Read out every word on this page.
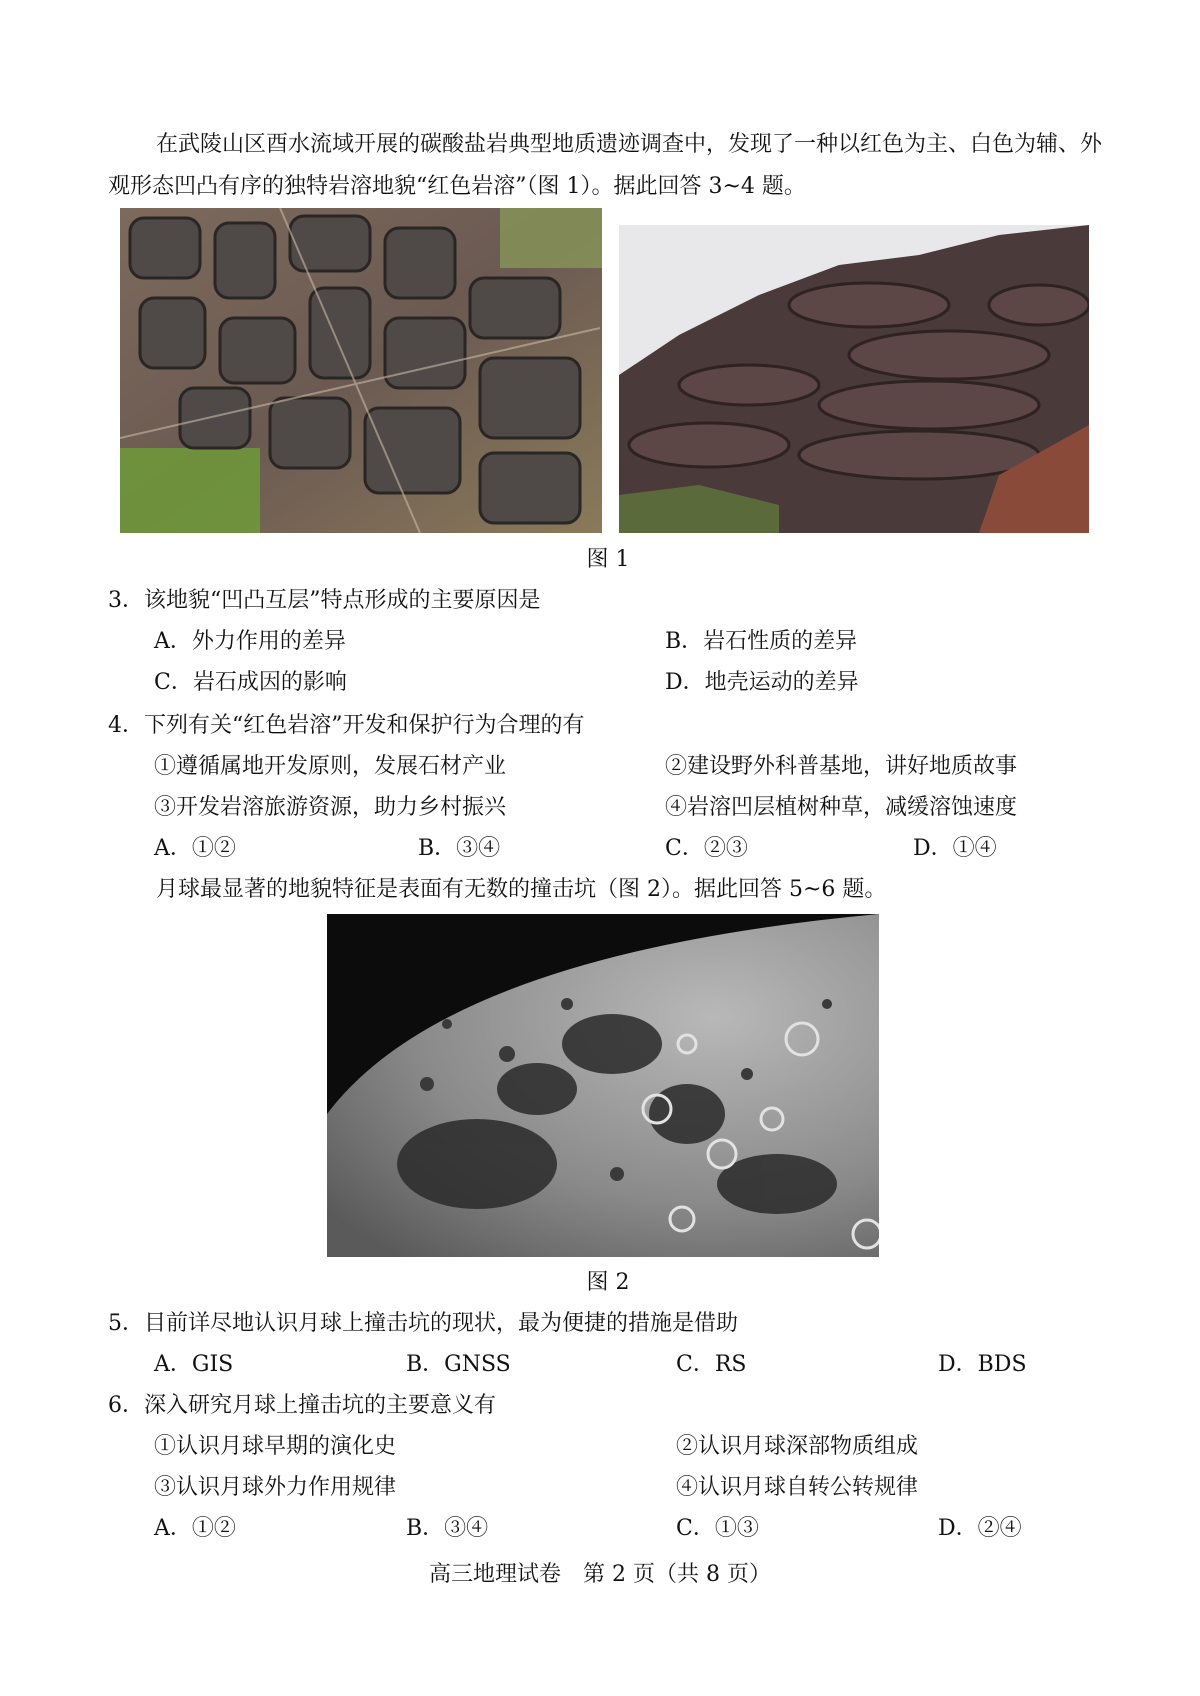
在武陵山区酉水流域开展的碳酸盐岩典型地质遗迹调查中，发现了一种以红色为主、白色为辅、外观形态凹凸有序的独特岩溶地貌“红色岩溶”（图 1）。据此回答 3~4 题。
图 1
3．该地貌“凹凸互层”特点形成的主要原因是
A．外力作用的差异	B．岩石性质的差异
C．岩石成因的影响	D．地壳运动的差异
4．下列有关“红色岩溶”开发和保护行为合理的有
①遵循属地开发原则，发展石材产业	②建设野外科普基地，讲好地质故事
③开发岩溶旅游资源，助力乡村振兴	④岩溶凹层植树种草，减缓溶蚀速度
A．①②	B．③④	C．②③	D．①④
月球最显著的地貌特征是表面有无数的撞击坑（图 2）。据此回答 5~6 题。
图 2
5．目前详尽地认识月球上撞击坑的现状，最为便捷的措施是借助
A．GIS	B．GNSS	C．RS	D．BDS
6．深入研究月球上撞击坑的主要意义有
①认识月球早期的演化史	②认识月球深部物质组成
③认识月球外力作用规律	④认识月球自转公转规律
A．①②	B．③④	C．①③	D．②④
高三地理试卷　第 2 页（共 8 页）
